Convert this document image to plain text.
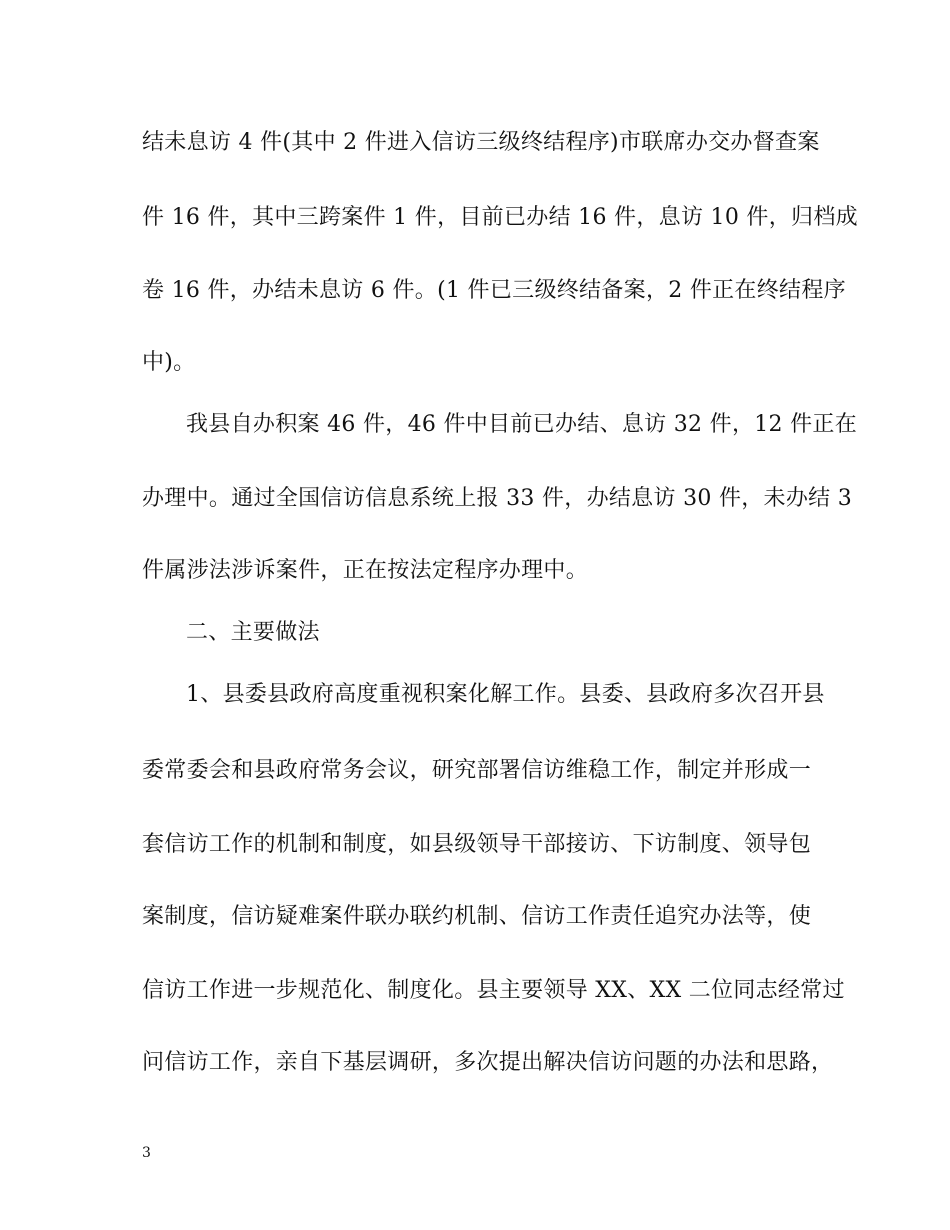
结未息访 4 件(其中 2 件进入信访三级终结程序)市联席办交办督查案
件 16 件，其中三跨案件 1 件，目前已办结 16 件，息访 10 件，归档成
卷 16 件，办结未息访 6 件。(1 件已三级终结备案，2 件正在终结程序
中)。
我县自办积案 46 件，46 件中目前已办结、息访 32 件，12 件正在
办理中。通过全国信访信息系统上报 33 件，办结息访 30 件，未办结 3
件属涉法涉诉案件，正在按法定程序办理中。
二、主要做法
1、县委县政府高度重视积案化解工作。县委、县政府多次召开县
委常委会和县政府常务会议，研究部署信访维稳工作，制定并形成一
套信访工作的机制和制度，如县级领导干部接访、下访制度、领导包
案制度，信访疑难案件联办联约机制、信访工作责任追究办法等，使
信访工作进一步规范化、制度化。县主要领导 XX、XX 二位同志经常过
问信访工作，亲自下基层调研，多次提出解决信访问题的办法和思路，
3
